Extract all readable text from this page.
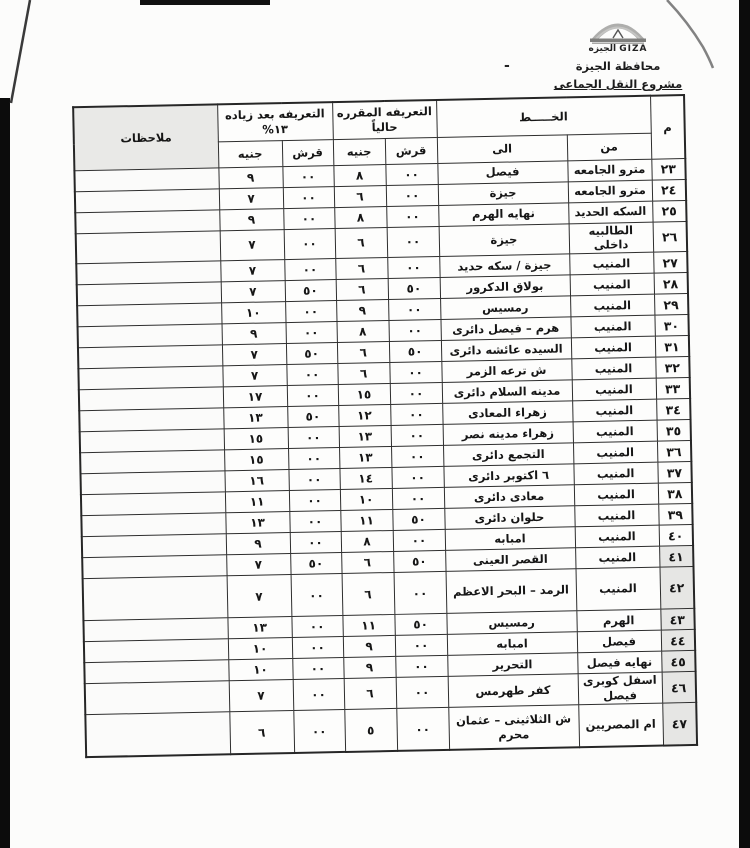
الجيزه GIZA
محافظة الجيزة
مشروع النقل الجماعى
-
م	الخـــــط		التعريفه المقرره
حالياً		التعريفه بعد زياده
١٣%		ملاحظات
	من	الى	قرش	جنيه	قرش	جنيه	
٢٣	مترو الجامعه	فيصل	٠٠	٨	٠٠	٩	
٢٤	مترو الجامعه	جيزة	٠٠	٦	٠٠	٧	
٢٥	السكه الحديد	نهايه الهرم	٠٠	٨	٠٠	٩	
٢٦	الطالبيه داخلى	جيزة	٠٠	٦	٠٠	٧	
٢٧	المنيب	جيزة / سكه حديد	٠٠	٦	٠٠	٧	
٢٨	المنيب	بولاق الدكرور	٥٠	٦	٥٠	٧	
٢٩	المنيب	رمسيس	٠٠	٩	٠٠	١٠	
٣٠	المنيب	هرم – فيصل دائرى	٠٠	٨	٠٠	٩	
٣١	المنيب	السيده عائشه دائرى	٥٠	٦	٥٠	٧	
٣٢	المنيب	ش ترعه الزمر	٠٠	٦	٠٠	٧	
٣٣	المنيب	مدينه السلام دائرى	٠٠	١٥	٠٠	١٧	
٣٤	المنيب	زهراء المعادى	٠٠	١٢	٥٠	١٣	
٣٥	المنيب	زهراء مدينه نصر	٠٠	١٣	٠٠	١٥	
٣٦	المنيب	التجمع دائرى	٠٠	١٣	٠٠	١٥	
٣٧	المنيب	٦ اكتوبر دائرى	٠٠	١٤	٠٠	١٦	
٣٨	المنيب	معادى دائرى	٠٠	١٠	٠٠	١١	
٣٩	المنيب	حلوان دائرى	٥٠	١١	٠٠	١٣	
٤٠	المنيب	امبابه	٠٠	٨	٠٠	٩	
٤١	المنيب	القصر العينى	٥٠	٦	٥٠	٧	
٤٢	المنيب	الرمد – البحر الاعظم	٠٠	٦	٠٠	٧	
٤٣	الهرم	رمسيس	٥٠	١١	٠٠	١٣	
٤٤	فيصل	امبابه	٠٠	٩	٠٠	١٠	
٤٥	نهايه فيصل	التحرير	٠٠	٩	٠٠	١٠	
٤٦	اسفل كوبرى فيصل	كفر طهرمس	٠٠	٦	٠٠	٧	
٤٧	ام المصريين	ش الثلاثينى – عثمان محرم	٠٠	٥	٠٠	٦	
